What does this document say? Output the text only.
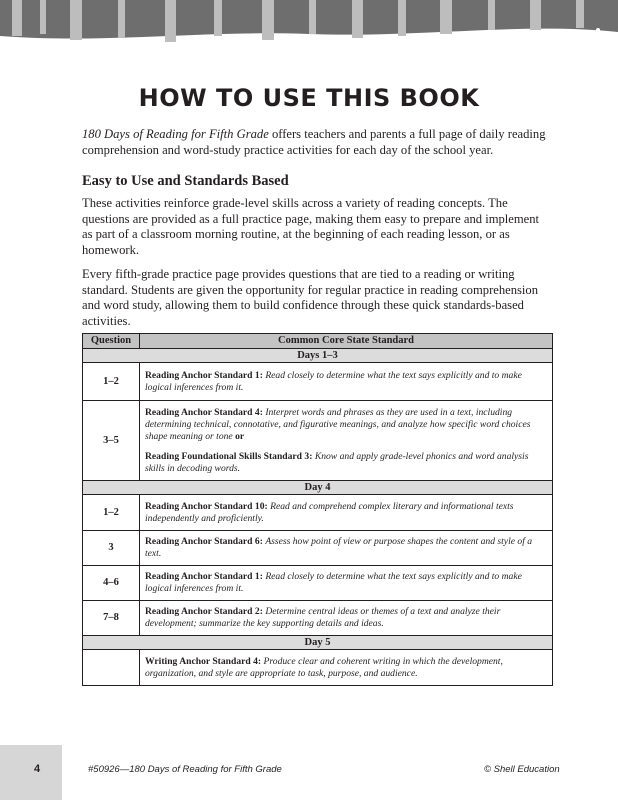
HOW TO USE THIS BOOK
180 Days of Reading for Fifth Grade offers teachers and parents a full page of daily reading comprehension and word-study practice activities for each day of the school year.
Easy to Use and Standards Based
These activities reinforce grade-level skills across a variety of reading concepts. The questions are provided as a full practice page, making them easy to prepare and implement as part of a classroom morning routine, at the beginning of each reading lesson, or as homework.
Every fifth-grade practice page provides questions that are tied to a reading or writing standard. Students are given the opportunity for regular practice in reading comprehension and word study, allowing them to build confidence through these quick standards-based activities.
Question	Common Core State Standard
Days 1–3	
1–2	Reading Anchor Standard 1: Read closely to determine what the text says explicitly and to make logical inferences from it.
3–5	Reading Anchor Standard 4: Interpret words and phrases as they are used in a text, including determining technical, connotative, and figurative meanings, and analyze how specific word choices shape meaning or tone or
Reading Foundational Skills Standard 3: Know and apply grade-level phonics and word analysis skills in decoding words.

Day 4	
1–2	Reading Anchor Standard 10: Read and comprehend complex literary and informational texts independently and proficiently.
3	Reading Anchor Standard 6: Assess how point of view or purpose shapes the content and style of a text.
4–6	Reading Anchor Standard 1: Read closely to determine what the text says explicitly and to make logical inferences from it.
7–8	Reading Anchor Standard 2: Determine central ideas or themes of a text and analyze their development; summarize the key supporting details and ideas.
Day 5	
	Writing Anchor Standard 4: Produce clear and coherent writing in which the development, organization, and style are appropriate to task, purpose, and audience.
4	#50926—180 Days of Reading for Fifth Grade	© Shell Education
